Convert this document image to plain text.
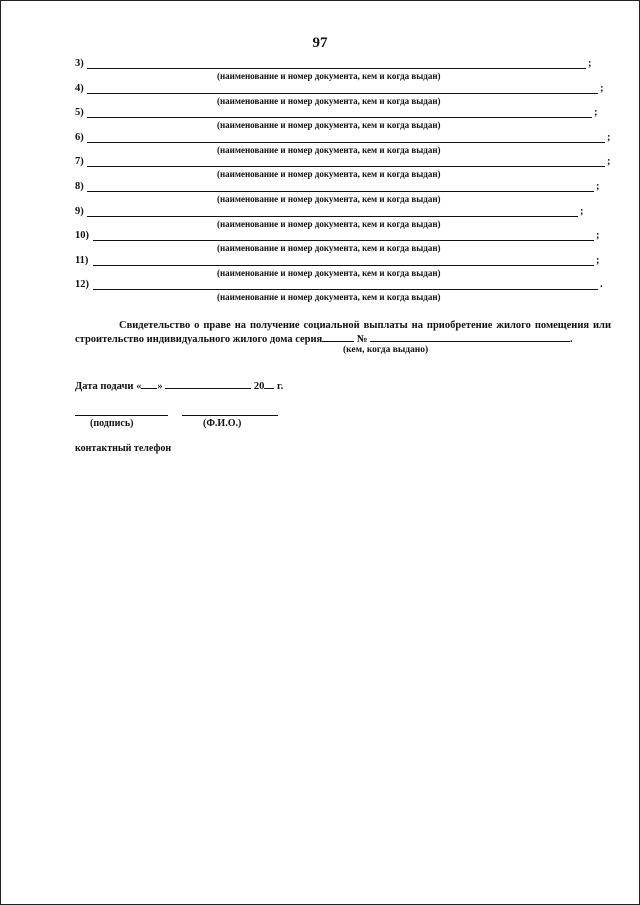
97
3)	;
(наименование и номер документа, кем и когда выдан)
4)	;
(наименование и номер документа, кем и когда выдан)
5)	;
(наименование и номер документа, кем и когда выдан)
6)	;
(наименование и номер документа, кем и когда выдан)
7)	;
(наименование и номер документа, кем и когда выдан)
8)	;
(наименование и номер документа, кем и когда выдан)
9)	;
(наименование и номер документа, кем и когда выдан)
10)	;
(наименование и номер документа, кем и когда выдан)
11)	;
(наименование и номер документа, кем и когда выдан)
12)	.
(наименование и номер документа, кем и когда выдан)
Свидетельство о праве на получение социальной выплаты на приобретение жилого помещения или
строительство индивидуального жилого дома серия	№	.
(кем, когда выдано)
Дата подачи « »	20 г.
(подпись)	(Ф.И.О.)
контактный телефон
